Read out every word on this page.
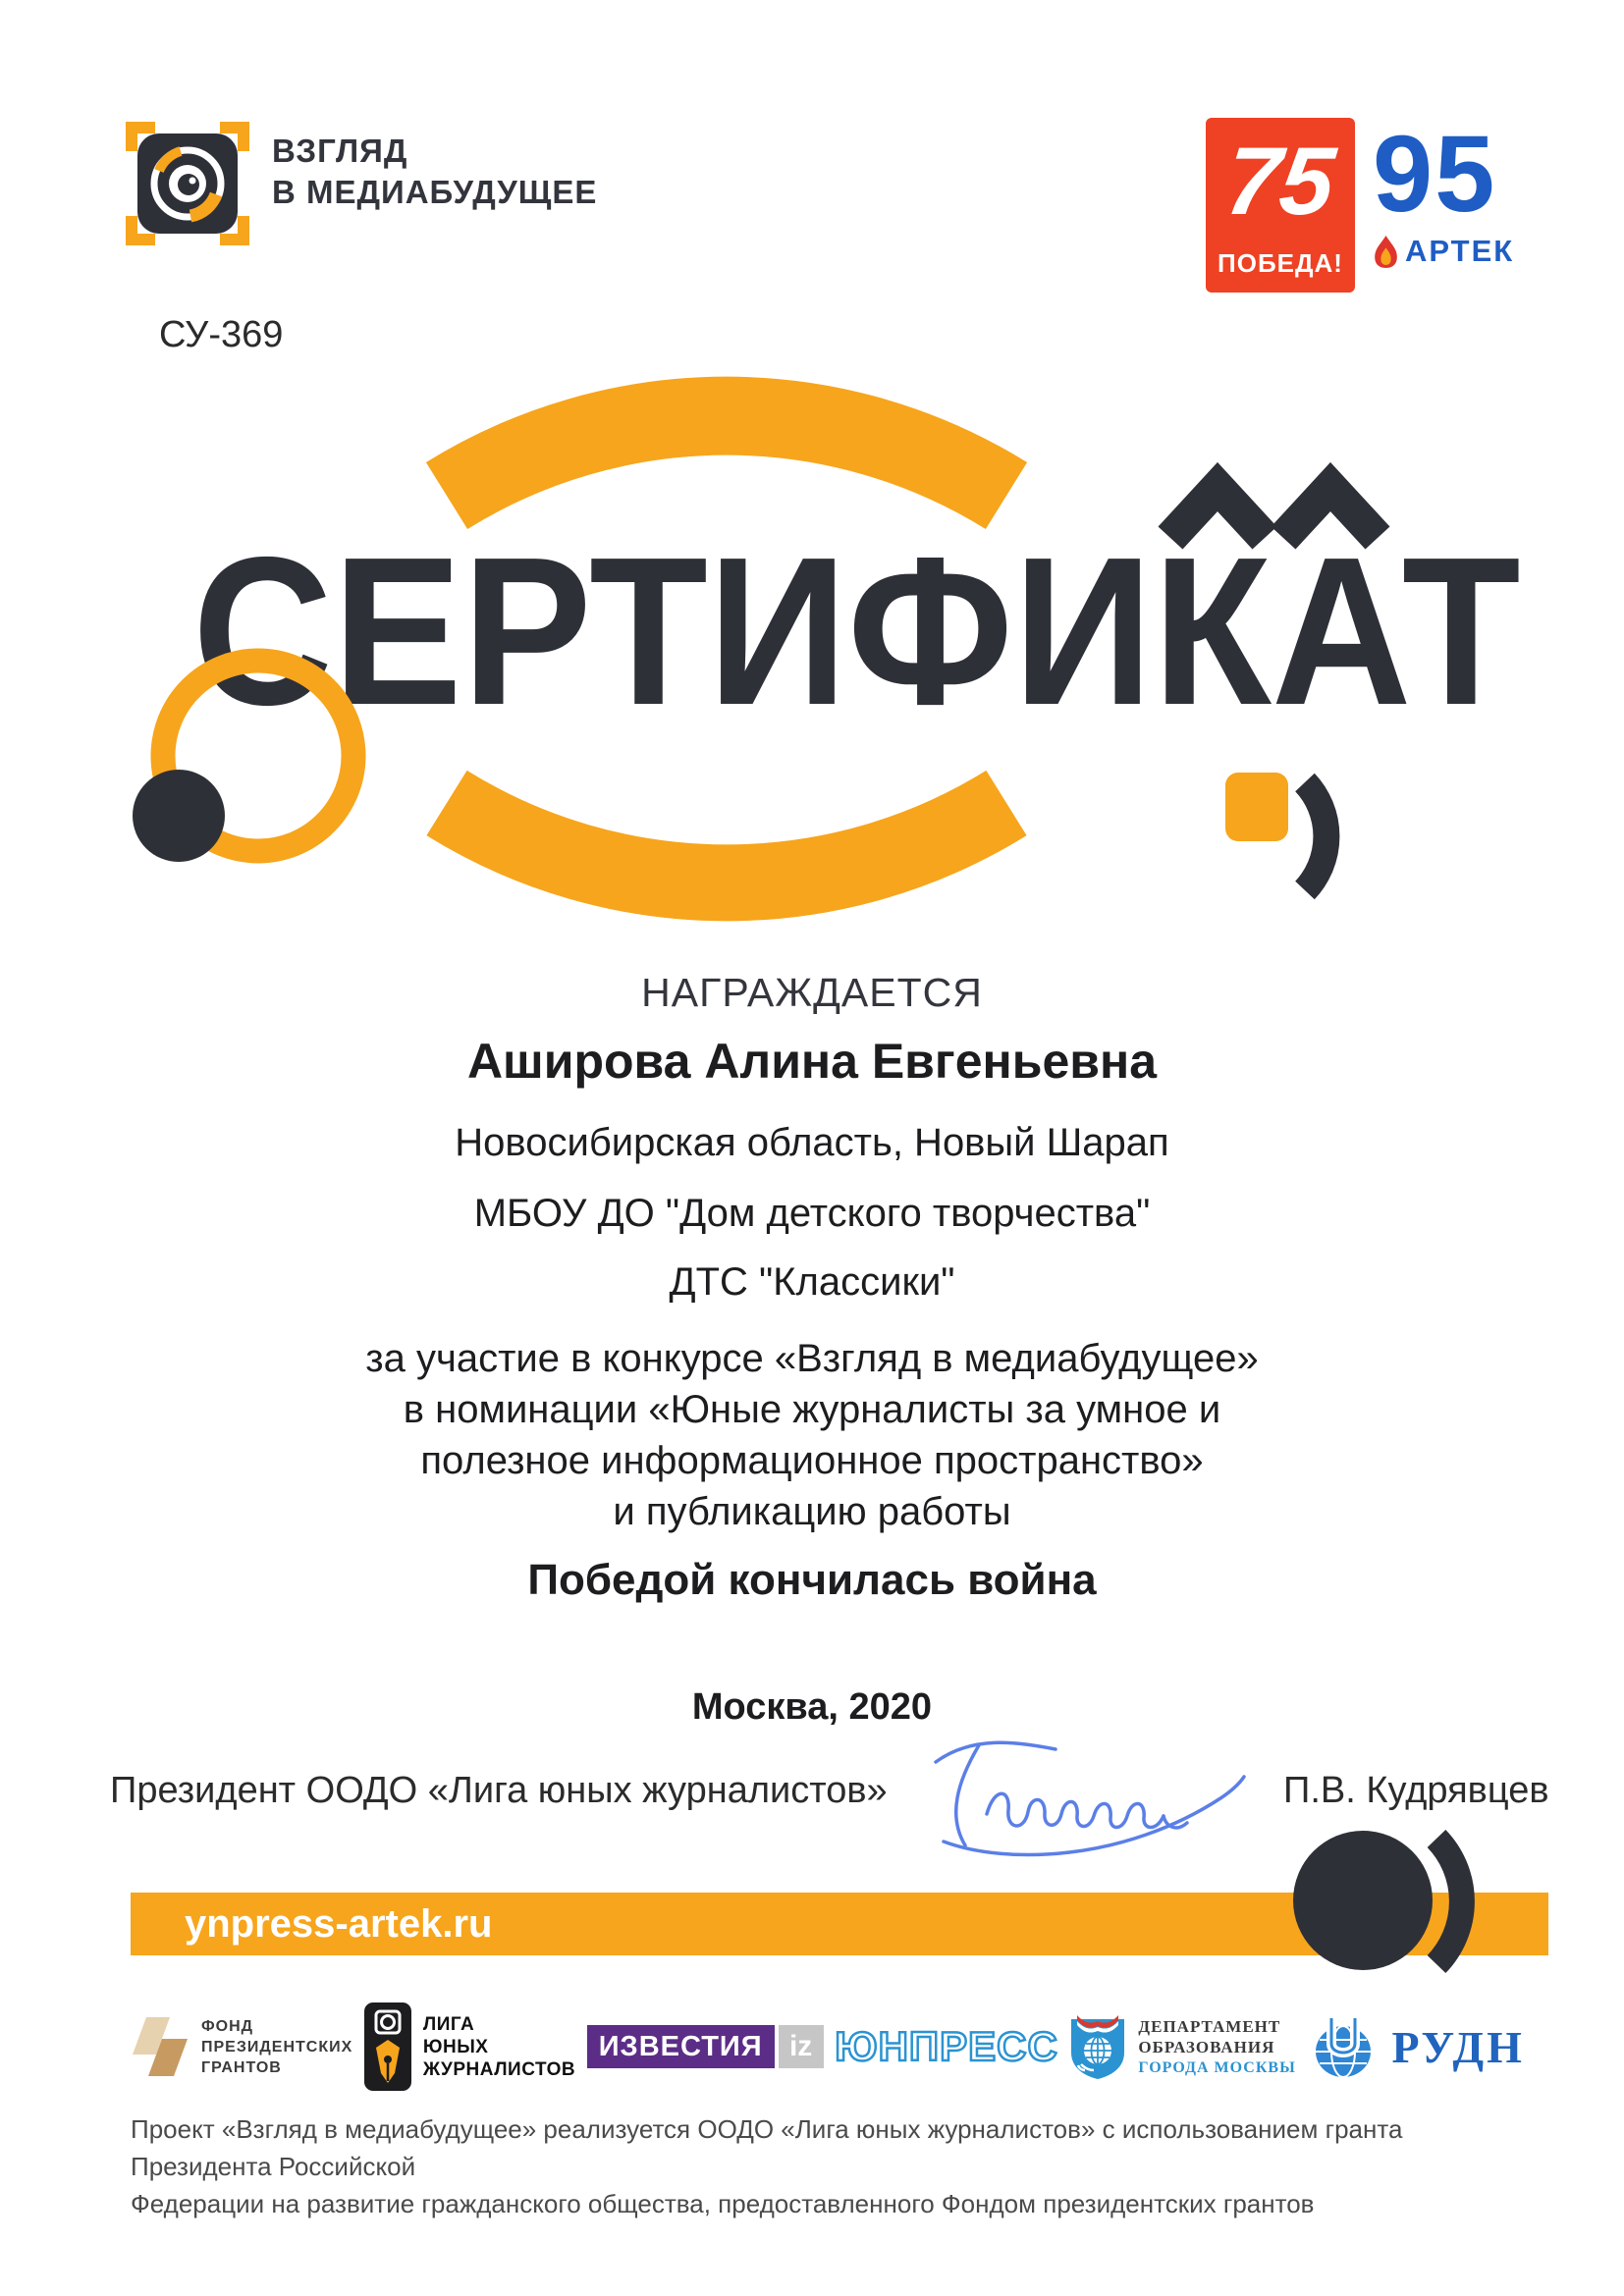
ВЗГЛЯД
В МЕДИАБУДУЩЕЕ	75
ПОБЕДА!
95
АРТЕК
СУ-369
СЕРТИФИКАТ
НАГРАЖДАЕТСЯ
Аширова Алина Евгеньевна
Новосибирская область, Новый Шарап
МБОУ ДО "Дом детского творчества"
ДТС "Классики"
за участие в конкурсе «Взгляд в медиабудущее»
в номинации «Юные журналисты за умное и
полезное информационное пространство»
и публикацию работы
Победой кончилась война
Москва, 2020
Президент ООДО «Лига юных журналистов»	П.В. Кудрявцев
ynpress-artek.ru
ФОНД
ПРЕЗИДЕНТСКИХ
ГРАНТОВ
ЛИГА
ЮНЫХ
ЖУРНАЛИСТОВ
ИЗВЕСТИЯ iz ЮНПРЕСС	ДЕПАРТАМЕНТ
ОБРАЗОВАНИЯ
ГОРОДА МОСКВЫ РУДН
Проект «Взгляд в медиабудущее» реализуется ООДО «Лига юных журналистов» с использованием гранта Президента Российской
Федерации на развитие гражданского общества, предоставленного Фондом президентских грантов
